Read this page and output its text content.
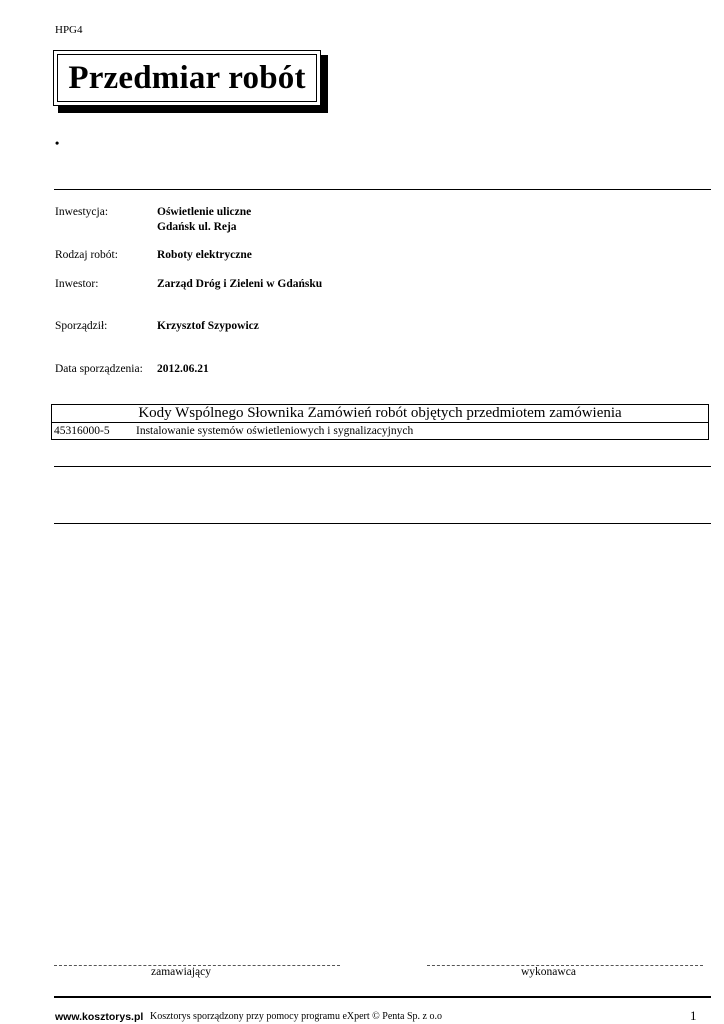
HPG4
Przedmiar robót
•
Inwestycja:	Oświetlenie uliczne
Gdańsk ul. Reja
Rodzaj robót:	Roboty elektryczne
Inwestor:	Zarząd Dróg i Zieleni w Gdańsku
Sporządził:	Krzysztof Szypowicz
Data sporządzenia: 2012.06.21
Kody Wspólnego Słownika Zamówień robót objętych przedmiotem zamówienia
45316000-5 Instalowanie systemów oświetleniowych i sygnalizacyjnych
zamawiający	wykonawca
www.kosztorys.pl Kosztorys sporządzony przy pomocy programu eXpert © Penta Sp. z o.o	1
